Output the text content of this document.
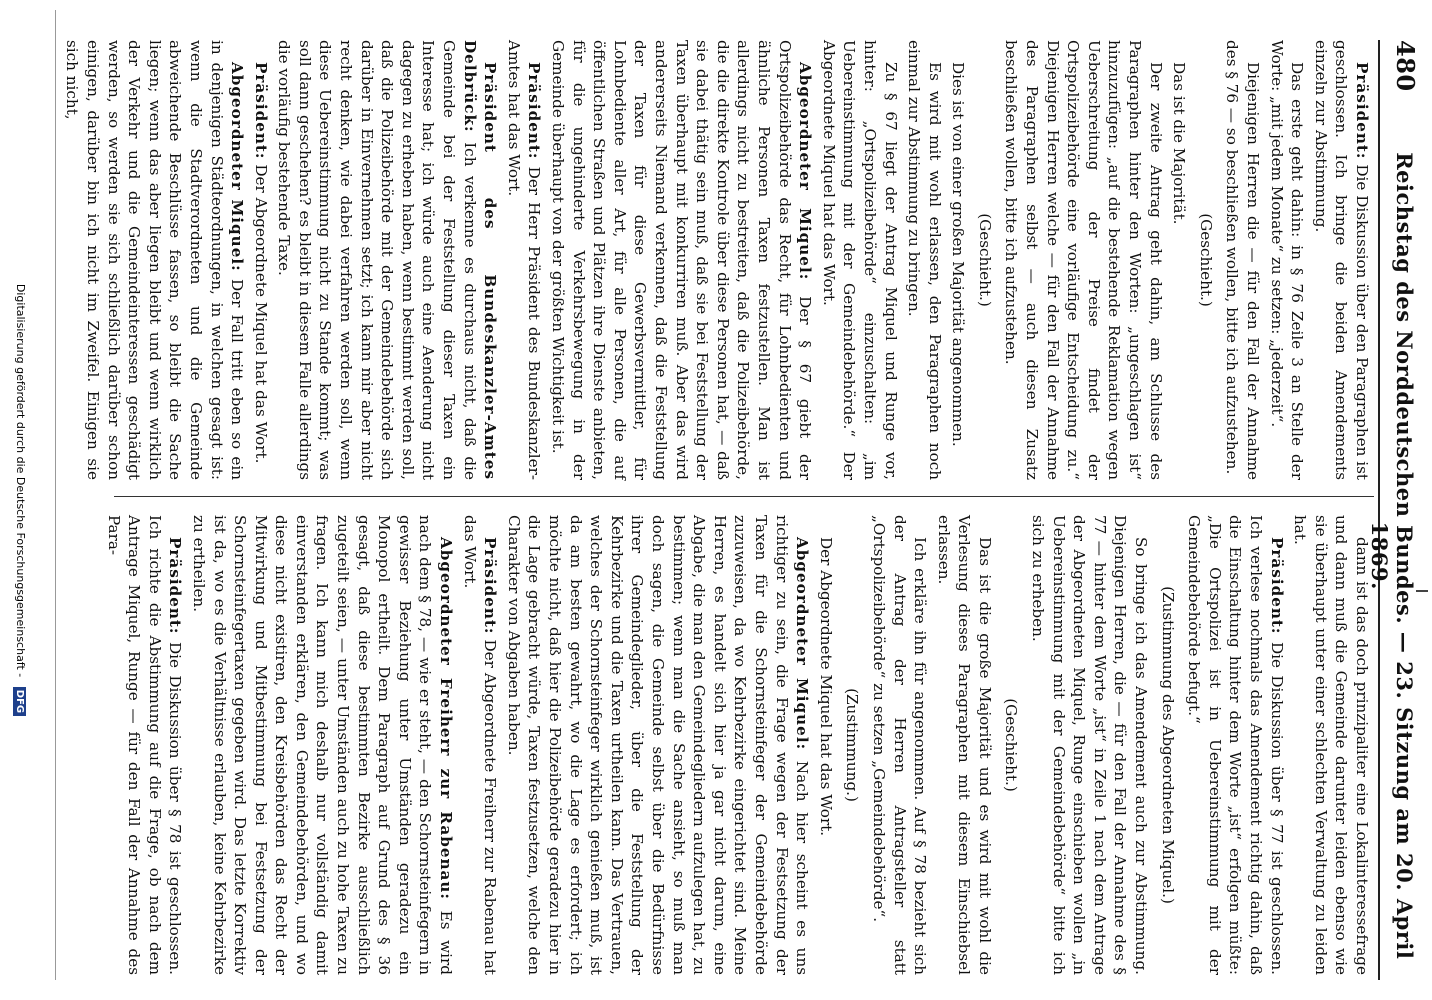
480
Reichstag des Norddeutschen Bundes. — 23. Sitzung am 20. April 1869.

Präsident: Die Diskussion über den Paragraphen ist geschlossen. Ich bringe die beiden Amendements einzeln zur Abstimmung.

Das erste geht dahin: in § 76 Zeile 3 an Stelle der Worte: „mit jedem Monate“ zu setzen: „jederzeit“.

Diejenigen Herren die — für den Fall der Annahme des § 76 — so beschließen wollen, bitte ich aufzustehen.

(Geschieht.)

Das ist die Majorität.

Der zweite Antrag geht dahin, am Schlusse des Paragraphen hinter den Worten: „ungeschlagen ist“ hinzuzufügen: „auf die bestehende Reklamation wegen Ueberschreitung der Preise findet der Ortspolizeibehörde eine vorläufige Entscheidung zu.“ Diejenigen Herren welche — für den Fall der Annahme des Paragraphen selbst — auch diesen Zusatz beschließen wollen, bitte ich aufzustehen.

(Geschieht.)

Dies ist von einer großen Majorität angenommen.

Es wird mit wohl erlassen, den Paragraphen noch einmal zur Abstimmung zu bringen.

Zu § 67 liegt der Antrag Miquel und Runge vor, hinter: „Ortspolizeibehörde“ einzuschalten: „im Uebereinstimmung mit der Gemeindebehörde.“ Der Abgeordnete Miquel hat das Wort.

Abgeordneter Miquel: Der § 67 giebt der Ortspolizeibehörde das Recht, für Lohnbedienten und ähnliche Personen Taxen festzustellen. Man ist allerdings nicht zu bestreiten, daß die Polizeibehörde, die die direkte Kontrole über diese Personen hat, — daß sie dabei thätig sein muß, daß sie bei Feststellung der Taxen überhaupt mit konkurriren muß. Aber das wird andererseits Niemand verkennen, daß die Feststellung der Taxen für diese Gewerbsvermittler, für Lohnbediente aller Art, für alle Personen, die auf öffentlichen Straßen und Plätzen ihre Dienste anbieten, für die ungehinderte Verkehrsbewegung in der Gemeinde überhaupt von der größten Wichtigkeit ist.

Präsident: Der Herr Präsident des Bundeskanzler-Amtes hat das Wort.

Präsident des Bundeskanzler-Amtes Delbrück: Ich verkenne es durchaus nicht, daß die Gemeinde bei der Feststellung dieser Taxen ein Interesse hat; ich würde auch eine Aenderung nicht dagegen zu erheben haben, wenn bestimmt werden soll, daß die Polizeibehörde mit der Gemeindebehörde sich darüber in Einvernehmen setzt; ich kann mir aber nicht recht denken, wie dabei verfahren werden soll, wenn diese Uebereinstimmung nicht zu Stande kommt; was soll dann geschehen? es bleibt in diesem Falle allerdings die vorläufig bestehende Taxe.

Präsident: Der Abgeordnete Miquel hat das Wort.

Abgeordneter Miquel: Der Fall tritt eben so ein in denjenigen Städteordnungen, in welchen gesagt ist: wenn die Stadtverordneten und die Gemeinde abweichende Beschlüsse fassen, so bleibt die Sache liegen; wenn das aber liegen bleibt und wenn wirklich der Verkehr und die Gemeindeinteressen geschädigt werden, so werden sie sich schließlich darüber schon einigen, darüber bin ich nicht im Zweifel. Einigen sie sich nicht,

dann ist das doch prinzipaliter eine Lokalinteressefrage und dann muß die Gemeinde darunter leiden ebenso wie sie überhaupt unter einer schlechten Verwaltung zu leiden hat.

Präsident: Die Diskussion über § 77 ist geschlossen. Ich verlese nochmals das Amendement richtig dahin, daß die Einschaltung hinter dem Worte „ist“ erfolgen müßte: „Die Ortspolizei ist in Uebereinstimmung mit der Gemeindebehörde befugt.“

(Zustimmung des Abgeordneten Miquel.)

So bringe ich das Amendement auch zur Abstimmung. Diejenigen Herren, die — für den Fall der Annahme des § 77 — hinter dem Worte „ist“ in Zeile 1 nach dem Antrage der Abgeordneten Miquel, Runge einschieben wollen „in Uebereinstimmung mit der Gemeindebehörde“ bitte ich sich zu erheben.

(Geschieht.)

Das ist die große Majorität und es wird mit wohl die Verlesung dieses Paragraphen mit diesem Einschiebsel erlassen.

Ich erkläre ihn für angenommen. Auf § 78 bezieht sich der Antrag der Herren Antragsteller statt „Ortspolizeibehörde“ zu setzen „Gemeindebehörde“.

(Zustimmung.)

Der Abgeordnete Miquel hat das Wort.

Abgeordneter Miquel: Nach hier scheint es uns richtiger zu sein, die Frage wegen der Festsetzung der Taxen für die Schornsteinfeger der Gemeindebehörde zuzuweisen, da wo Kehrbezirke eingerichtet sind. Meine Herren, es handelt sich hier ja gar nicht darum, eine Abgabe, die man den Gemeindegliedern aufzulegen hat, zu bestimmen; wenn man die Sache ansieht, so muß man doch sagen, die Gemeinde selbst über die Bedürfnisse ihrer Gemeindeglieder, über die Feststellung der Kehrbezirke und die Taxen urtheilen kann. Das Vertrauen, welches der Schornsteinfeger wirklich genießen muß, ist da am besten gewahrt, wo die Lage es erfordert; ich möchte nicht, daß hier die Polizeibehörde geradezu hier in die Lage gebracht würde, Taxen festzusetzen, welche den Charakter von Abgaben haben.

Präsident: Der Abgeordnete Freiherr zur Rabenau hat das Wort.

Abgeordneter Freiherr zur Rabenau: Es wird nach dem § 78, — wie er steht, — den Schornsteinfegern in gewisser Beziehung unter Umständen geradezu ein Monopol ertheilt. Dem Paragraph auf Grund des § 36 gesagt, daß diese bestimmten Bezirke ausschließlich zugeteilt seien, — unter Umständen auch zu hohe Taxen zu fragen. Ich kann mich deshalb nur vollständig damit einverstanden erklären, den Gemeindebehörden, und wo diese nicht existiren, den Kreisbehörden das Recht der Mitwirkung und Mitbestimmung bei Festsetzung der Schornsteinfegertaxen gegeben wird. Das letzte Korrektiv ist da, wo es die Verhältnisse erlauben, keine Kehrbezirke zu ertheilen.

Präsident: Die Diskussion über § 78 ist geschlossen. Ich richte die Abstimmung auf die Frage, ob nach dem Antrage Miquel, Runge — für den Fall der Annahme des Para-

Digitalisierung gefördert durch die Deutsche Forschungsgemeinschaft - DFG
